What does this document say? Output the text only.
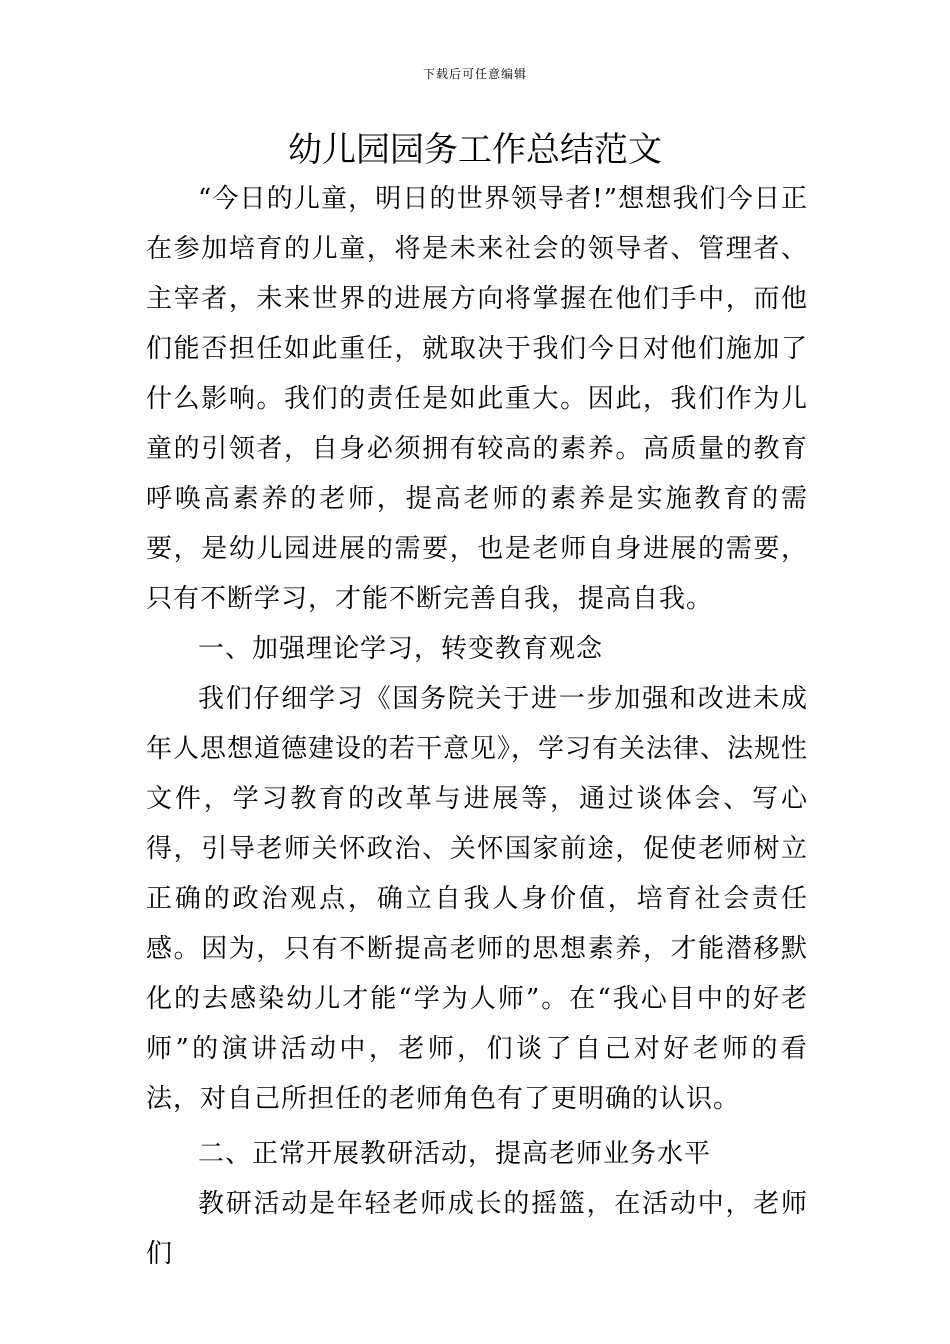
下载后可任意编辑
幼儿园园务工作总结范文

“今日的儿童，明日的世界领导者!”想想我们今日正在参加培育的儿童，将是未来社会的领导者、管理者、主宰者，未来世界的进展方向将掌握在他们手中，而他们能否担任如此重任，就取决于我们今日对他们施加了什么影响。我们的责任是如此重大。因此，我们作为儿童的引领者，自身必须拥有较高的素养。高质量的教育呼唤高素养的老师，提高老师的素养是实施教育的需要，是幼儿园进展的需要，也是老师自身进展的需要，只有不断学习，才能不断完善自我，提高自我。

一、加强理论学习，转变教育观念

我们仔细学习《国务院关于进一步加强和改进未成年人思想道德建设的若干意见》，学习有关法律、法规性文件，学习教育的改革与进展等，通过谈体会、写心得，引导老师关怀政治、关怀国家前途，促使老师树立正确的政治观点，确立自我人身价值，培育社会责任感。因为，只有不断提高老师的思想素养，才能潜移默化的去感染幼儿才能“学为人师”。在“我心目中的好老师”的演讲活动中，老师，们谈了自己对好老师的看法，对自己所担任的老师角色有了更明确的认识。

二、正常开展教研活动，提高老师业务水平

教研活动是年轻老师成长的摇篮，在活动中，老师们
